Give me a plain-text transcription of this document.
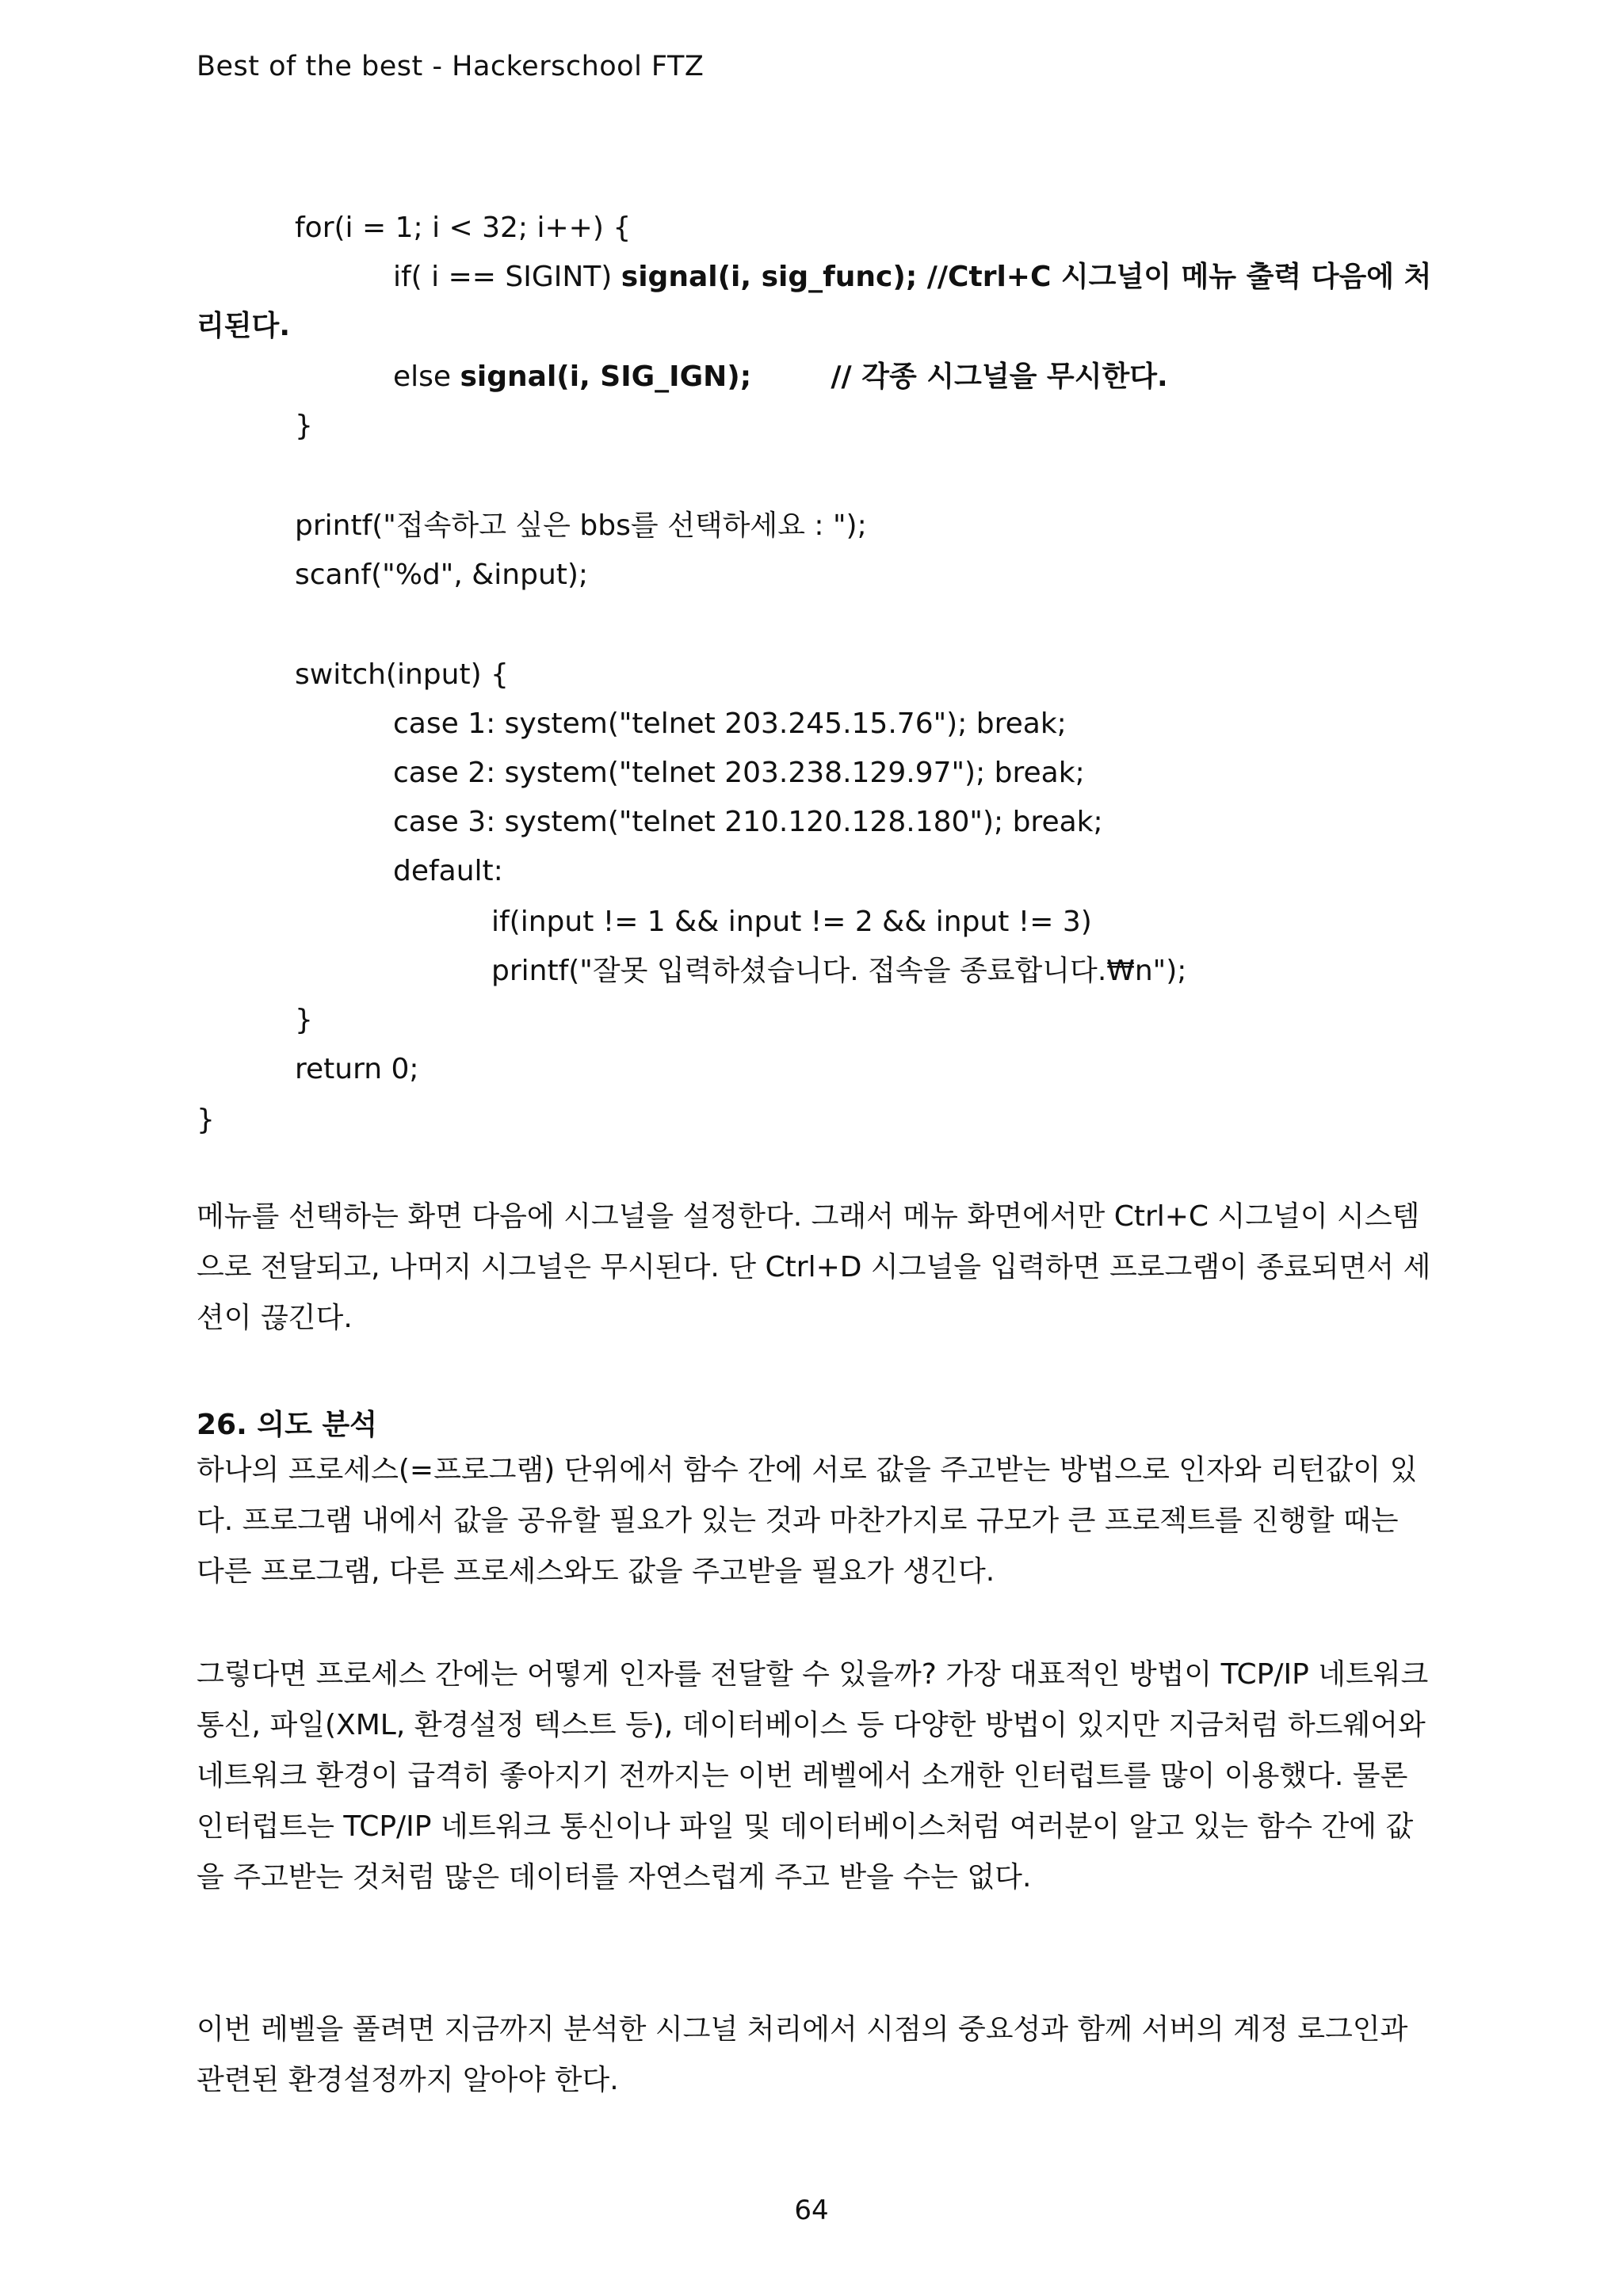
Best of the best - Hackerschool FTZ
for(i = 1; i < 32; i++) {
if( i == SIGINT) signal(i, sig_func); //Ctrl+C 시그널이 메뉴 출력 다음에 처
리된다.
else signal(i, SIG_IGN);        // 각종 시그널을 무시한다.
}
printf("접속하고 싶은 bbs를 선택하세요 : ");
scanf("%d", &input);
switch(input) {
case 1: system("telnet 203.245.15.76"); break;
case 2: system("telnet 203.238.129.97"); break;
case 3: system("telnet 210.120.128.180"); break;
default:
if(input != 1 && input != 2 && input != 3)
printf("잘못 입력하셨습니다. 접속을 종료합니다.₩n");
}
return 0;
}

메뉴를 선택하는 화면 다음에 시그널을 설정한다. 그래서 메뉴 화면에서만 Ctrl+C 시그널이 시스템으로 전달되고, 나머지 시그널은 무시된다. 단 Ctrl+D 시그널을 입력하면 프로그램이 종료되면서 세션이 끊긴다.

26. 의도 분석

하나의 프로세스(=프로그램) 단위에서 함수 간에 서로 값을 주고받는 방법으로 인자와 리턴값이 있다. 프로그램 내에서 값을 공유할 필요가 있는 것과 마찬가지로 규모가 큰 프로젝트를 진행할 때는 다른 프로그램, 다른 프로세스와도 값을 주고받을 필요가 생긴다.

그렇다면 프로세스 간에는 어떻게 인자를 전달할 수 있을까? 가장 대표적인 방법이 TCP/IP 네트워크 통신, 파일(XML, 환경설정 텍스트 등), 데이터베이스 등 다양한 방법이 있지만 지금처럼 하드웨어와 네트워크 환경이 급격히 좋아지기 전까지는 이번 레벨에서 소개한 인터럽트를 많이 이용했다. 물론 인터럽트는 TCP/IP 네트워크 통신이나 파일 및 데이터베이스처럼 여러분이 알고 있는 함수 간에 값을 주고받는 것처럼 많은 데이터를 자연스럽게 주고 받을 수는 없다.

이번 레벨을 풀려면 지금까지 분석한 시그널 처리에서 시점의 중요성과 함께 서버의 계정 로그인과 관련된 환경설정까지 알아야 한다.

64
